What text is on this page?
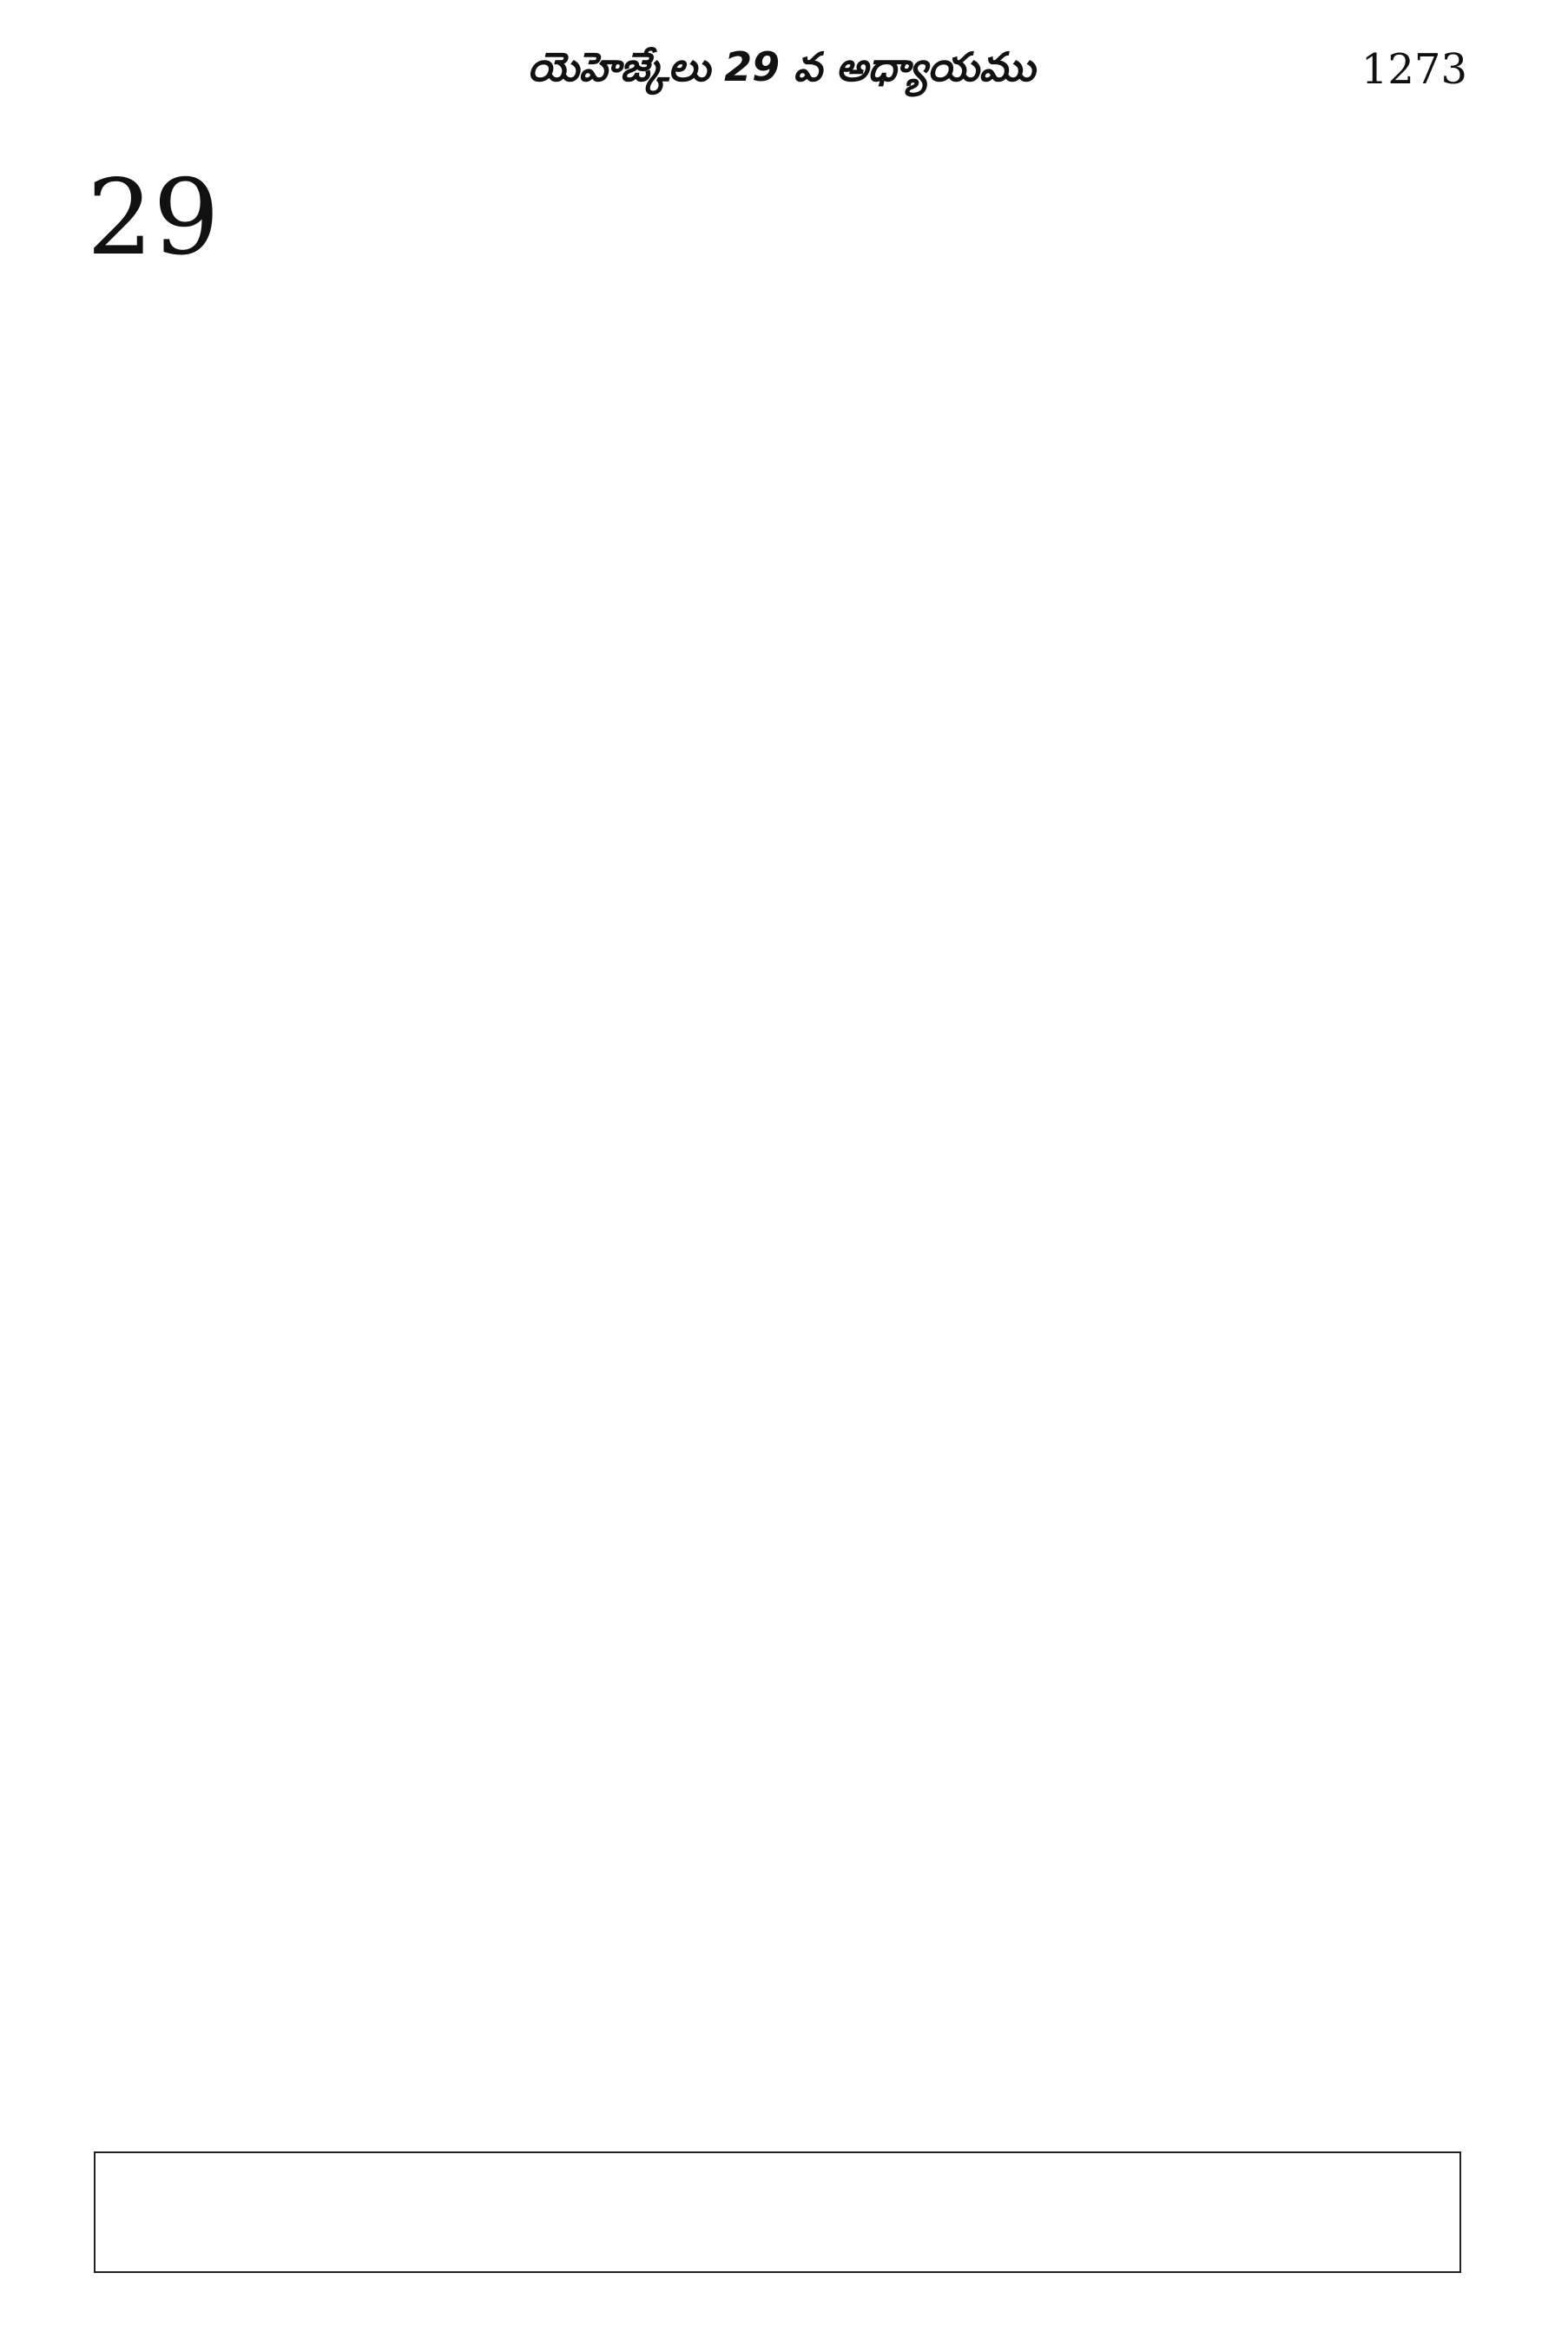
యెహెజ్కేలు 29 వ అధ్యాయము	1273

29
